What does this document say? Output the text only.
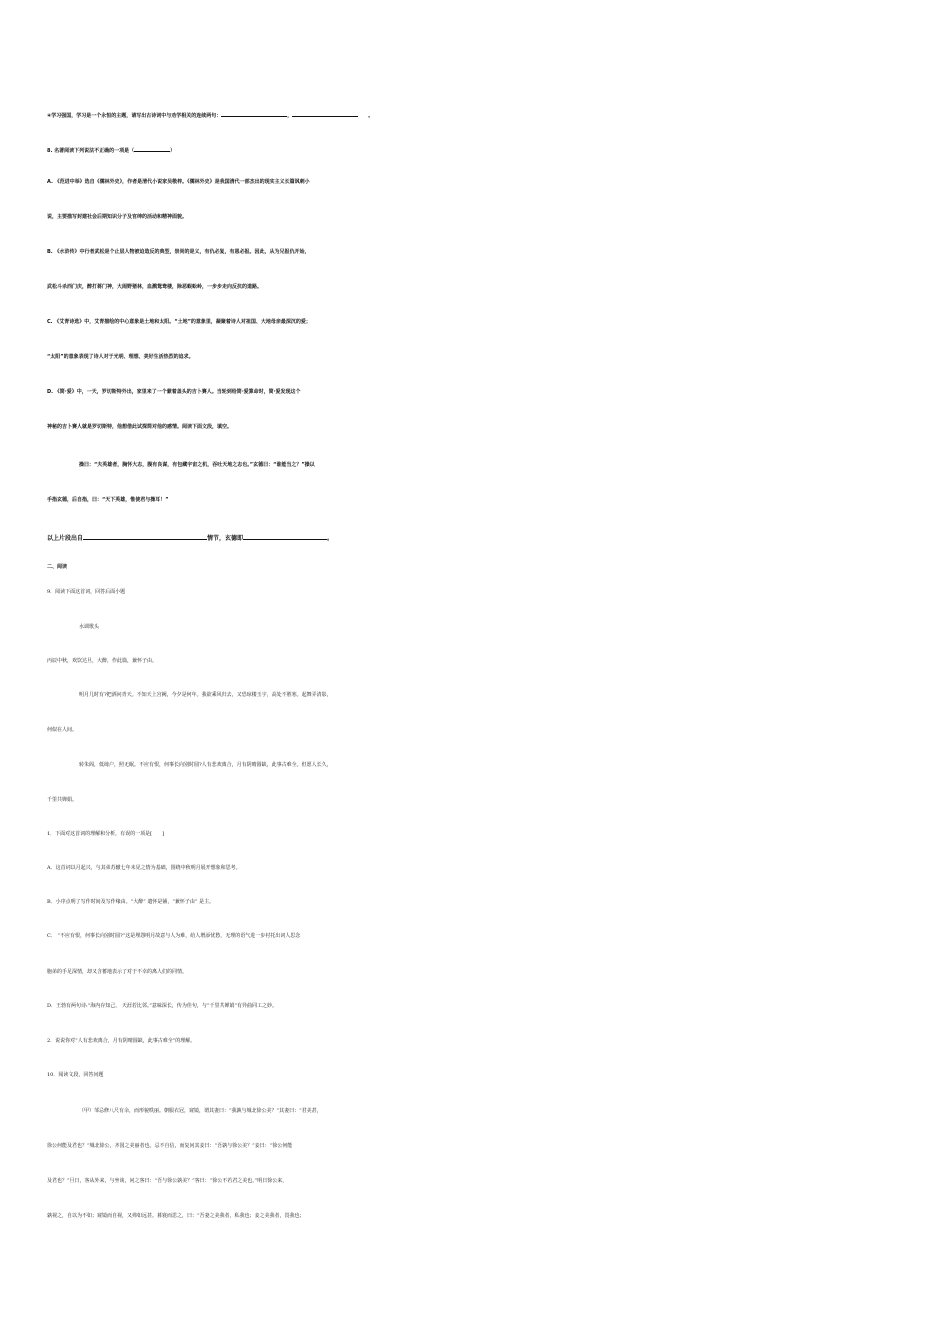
④学习强国，学习是一个永恒的主题，请写出古诗词中与劝学相关的连续两句：	，	。
8. 名著阅读下列说法不正确的一项是（	）
A. 《范进中举》选自《儒林外史》，作者是清代小说家吴敬梓。《儒林外史》是我国清代一部杰出的现实主义长篇讽刺小
说，主要描写封建社会后期知识分子及官绅的活动和精神面貌。
B. 《水浒传》中行者武松是个止层人物被迫造反的典型，崇尚的是义，有仇必复，有恩必报。因此，从为兄报仇开始，
武松斗杀西门庆，醉打蒋门神，大闹野猪林，血溅鸳鸯楼，除恶蜈蚣岭，一步步走向反抗的道路。
C. 《艾青诗选》中，艾青描绘的中心意象是土地和太阳。“土地”的意象里，凝聚着诗人对祖国、大地母亲最深沉的爱；
“太阳”的意象表现了诗人对于光明、理想、美好生活热烈的追求。
D. 《简·爱》中，一天，罗切斯特外出，家里来了一个蒙着盖头的吉卜赛人。当轮到给简·爱算命时，简·爱发现这个
神秘的吉卜赛人就是罗切斯特，他想借此试探简对他的感情。阅读下面文段，填空。
操曰：“夫英雄者，胸怀大志，腹有良谋，有包藏宇宙之机，吞吐天地之志也。”玄德曰：“谁能当之？”操以
手指玄德，后自指，曰：“天下英雄，惟使君与操耳！”
以上片段出自	情节，玄德即	。
二、阅读
9．阅读下面这首词，回答后面小题
水调歌头
丙辰中秋，欢饮达旦，大醉，作此篇，兼怀子由。
明月几时有?把酒问青天。不知天上宫阙，今夕是何年。我欲乘风归去，又恐琼楼玉宇，高处不胜寒。起舞弄清影，
何似在人间。
转朱阁，低绮户，照无眠。不应有恨，何事长向别时圆?人有悲欢离合，月有阴晴圆缺，此事古难全。但愿人长久，
千里共婵娟。
1．下面对这首词的理解和分析，有误的一项是[　　]
A．这首词以月起兴，与其弟苏辙七年未见之情为基础，围绕中秋明月展开想象和思考。
B．小序点明了写作时间及写作缘由。“大醉” 遣怀是铺，“兼怀子由” 是主。
C． “不应有恨，何事长向别时圆?”这是埋怨明月故意与人为难，给人增添忧愁，无理的语气进一步衬托出词人思念
胞弟的手足深情，却又含蓄地表示了对于不幸的离人们的同情。
D．王勃有两句诗:“海内存知己， 天涯若比邻。”意味深长，传为佳句，与“千里共婵娟”有异曲同工之妙。
2．说说你对“人有悲欢离合，月有阴晴圆缺，此事古难全”的理解。
10．阅读文段，回答问题
（甲）邹忌修八尺有余，而形貌昳丽。朝服衣冠，窥镜，谓其妻曰：“我孰与城北徐公美？”其妻曰：“君美甚，
徐公何能及君也？”城北徐公，齐国之美丽者也。忌不自信，而复问其妾曰：“吾孰与徐公美？”妾曰：“徐公何能
及君也？”旦日，客从外来，与坐谈，问之客曰：“吾与徐公孰美？”客曰：“徐公不若君之美也。”明日徐公来，
孰视之，自以为不如；窥镜而自视，又弗如远甚。暮寝而思之，曰：“吾妻之美我者，私我也；妾之美我者，畏我也；
